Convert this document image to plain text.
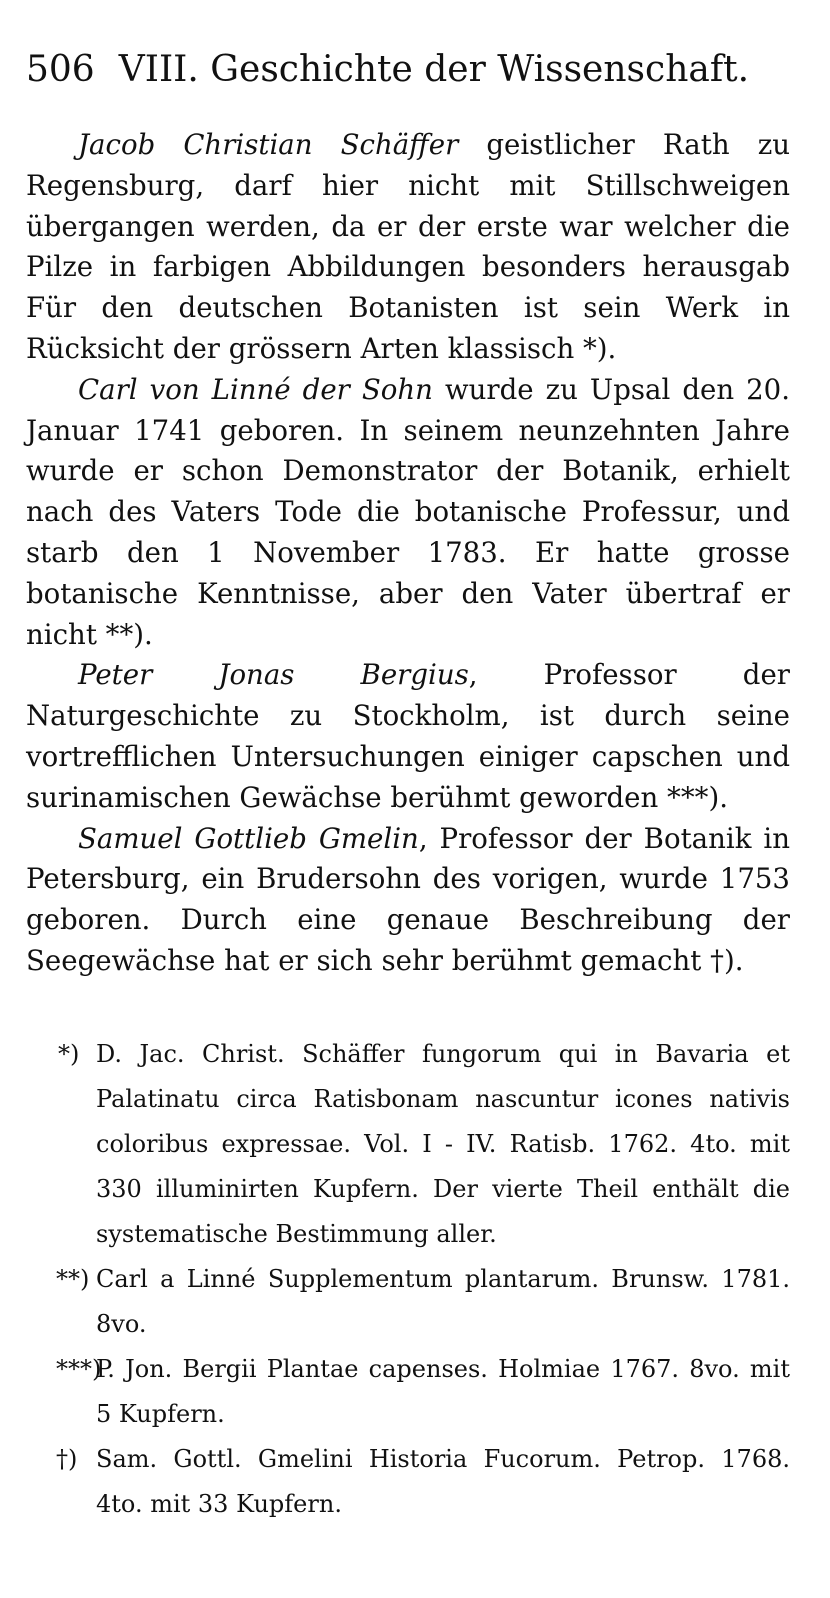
506 VIII. Geschichte der Wissenschaft.

Jacob Christian Schäffer geistlicher Rath zu Regensburg, darf hier nicht mit Stillschweigen übergangen werden, da er der erste war welcher die Pilze in farbigen Abbildungen besonders herausgab Für den deutschen Botanisten ist sein Werk in Rücksicht der grössern Arten klassisch *).

Carl von Linné der Sohn wurde zu Upsal den 20. Januar 1741 geboren. In seinem neunzehnten Jahre wurde er schon Demonstrator der Botanik, erhielt nach des Vaters Tode die botanische Professur, und starb den 1 November 1783. Er hatte grosse botanische Kenntnisse, aber den Vater übertraf er nicht **).

Peter Jonas Bergius, Professor der Naturgeschichte zu Stockholm, ist durch seine vortrefflichen Untersuchungen einiger capschen und surinamischen Gewächse berühmt geworden ***).

Samuel Gottlieb Gmelin, Professor der Botanik in Petersburg, ein Brudersohn des vorigen, wurde 1753 geboren. Durch eine genaue Beschreibung der Seegewächse hat er sich sehr berühmt gemacht †).

*) D. Jac. Christ. Schäffer fungorum qui in Bavaria et Palatinatu circa Ratisbonam nascuntur icones nativis coloribus expressae. Vol. I - IV. Ratisb. 1762. 4to. mit 330 illuminirten Kupfern. Der vierte Theil enthält die systematische Bestimmung aller.
**) Carl a Linné Supplementum plantarum. Brunsw. 1781. 8vo.
***)
P. Jon. Bergii Plantae capenses. Holmiae 1767. 8vo. mit 5 Kupfern.
†) Sam. Gottl. Gmelini Historia Fucorum. Petrop. 1768. 4to. mit 33 Kupfern.
